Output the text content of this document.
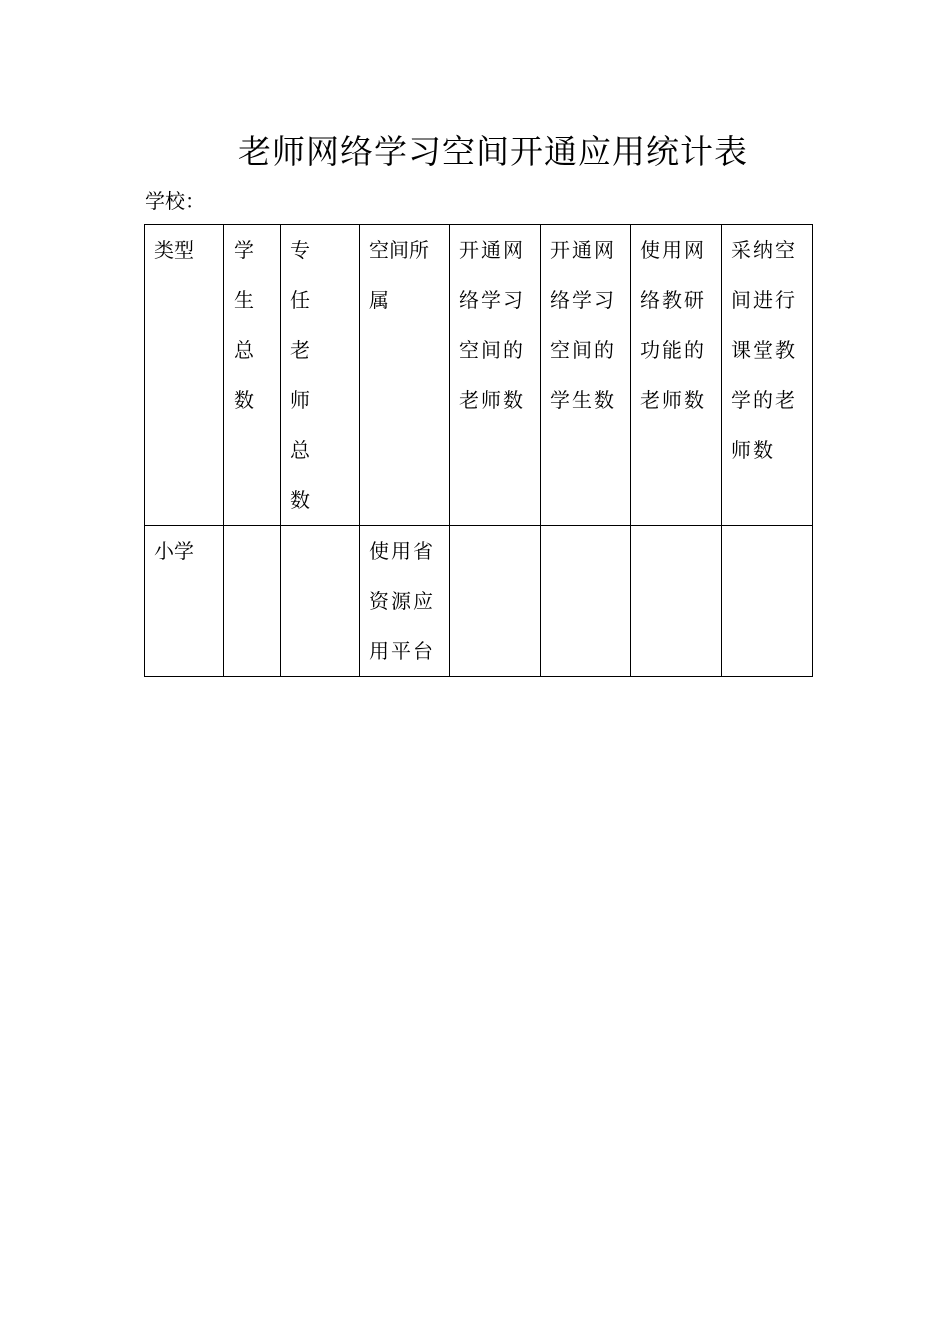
老师网络学习空间开通应用统计表
学校：
类型	学生总数	专任老师总数	空间所属	开通网络学习空间的老师数	开通网络学习空间的学生数	使用网络教研功能的老师数	采纳空间进行课堂教学的老师数

小学			使用省资源应用平台				
